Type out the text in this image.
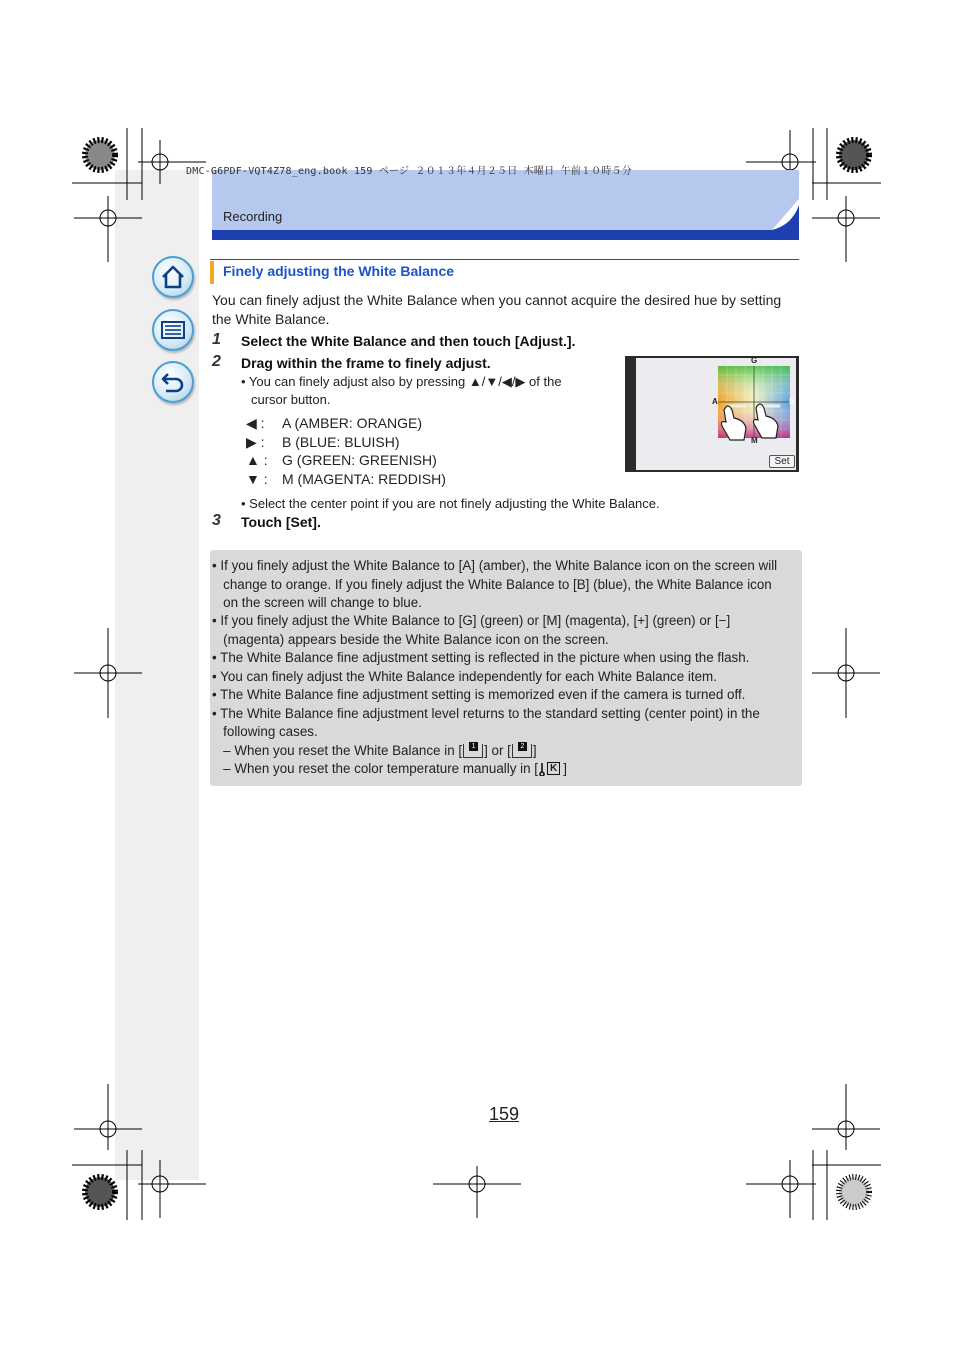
DMC-G6PDF-VQT4Z78_eng.book 159 ページ ２０１３年４月２５日 木曜日 午前１０時５分
Recording
Finely adjusting the White Balance
You can finely adjust the White Balance when you cannot acquire the desired hue by setting the White Balance.
1 Select the White Balance and then touch [Adjust.].
2 Drag within the frame to finely adjust.
• You can finely adjust also by pressing ▲/▼/◀/▶ of the
cursor button.
◀ :	A (AMBER: ORANGE)
▶ :	B (BLUE: BLUISH)
▲ :	G (GREEN: GREENISH)
▼ :	M (MAGENTA: REDDISH)
G
M
A	B
Set
• Select the center point if you are not finely adjusting the White Balance.
3 Touch [Set].
• If you finely adjust the White Balance to [A] (amber), the White Balance icon on the screen will
change to orange. If you finely adjust the White Balance to [B] (blue), the White Balance icon
on the screen will change to blue.
• If you finely adjust the White Balance to [G] (green) or [M] (magenta), [+] (green) or [−]
(magenta) appears beside the White Balance icon on the screen.
• The White Balance fine adjustment setting is reflected in the picture when using the flash.
• You can finely adjust the White Balance independently for each White Balance item.
• The White Balance fine adjustment setting is memorized even if the camera is turned off.
• The White Balance fine adjustment level returns to the standard setting (center point) in the
following cases.
– When you reset the White Balance in [

	1

] or [

	2

]
– When you reset the color temperature manually in [	K ]
159
